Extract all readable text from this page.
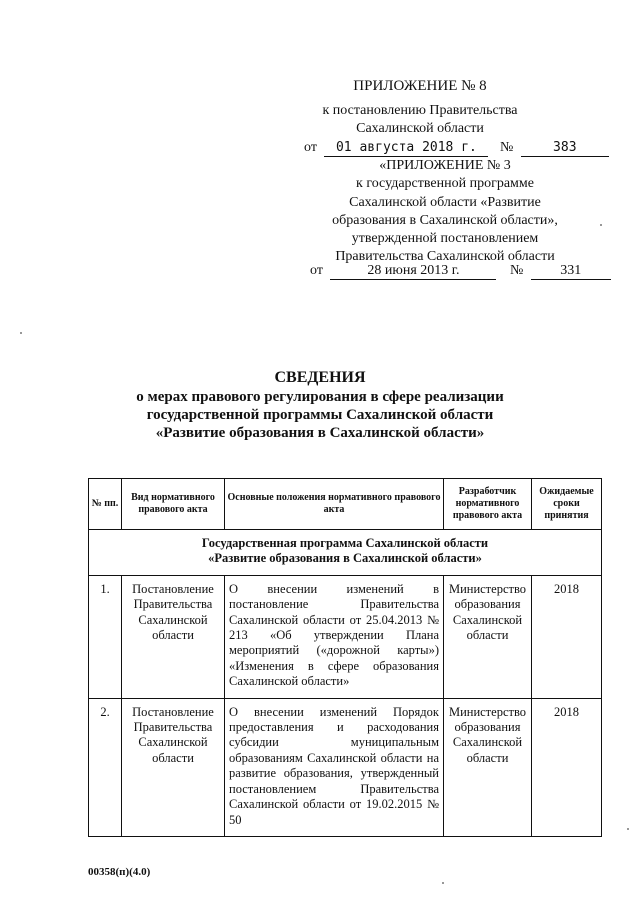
ПРИЛОЖЕНИЕ № 8
к постановлению Правительства
Сахалинской области
от 01 августа 2018 г. №	383
«ПРИЛОЖЕНИЕ № 3
к государственной программе
Сахалинской области «Развитие
образования в Сахалинской области»,
утвержденной постановлением
Правительства Сахалинской области
от	28 июня 2013 г.	№	331
СВЕДЕНИЯ
о мерах правового регулирования в сфере реализации
государственной программы Сахалинской области
«Развитие образования в Сахалинской области»
№ пп.	Вид нормативного правового акта	Основные положения нормативного правового акта	Разработчик нормативного правового акта	Ожидаемые сроки принятия

Государственная программа Сахалинской области
«Развитие образования в Сахалинской области»				

1.	Постановление Правительства Сахалинской области	О внесении изменений в постановление Правительства Сахалинской области от 25.04.2013 № 213 «Об утверждении Плана мероприятий («дорожной карты») «Изменения в сфере образования Сахалинской области»	Министерство образования Сахалинской области	2018
2.	Постановление Правительства Сахалинской области	О внесении изменений Порядок предоставления и расходования субсидии муниципальным образованиям Сахалинской области на развитие образования, утвержденный постановлением Правительства Сахалинской области от 19.02.2015 № 50	Министерство образования Сахалинской области	2018
00358(п)(4.0)
